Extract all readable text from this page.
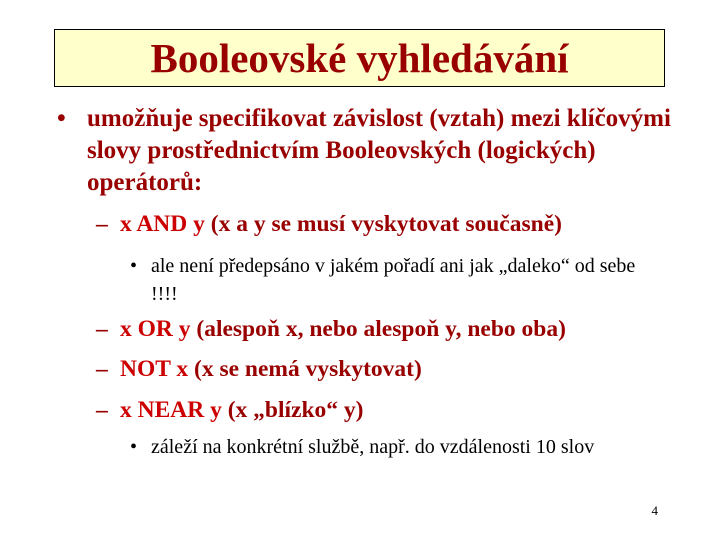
Booleovské vyhledávání
• umožňuje specifikovat závislost (vztah) mezi klíčovými slovy prostřednictvím Booleovských (logických) operátorů:
– x AND y (x a y se musí vyskytovat současně)
• ale není předepsáno v jakém pořadí ani jak „daleko“ od sebe !!!!
– x OR y (alespoň x, nebo alespoň y, nebo oba)
– NOT x (x se nemá vyskytovat)
– x NEAR y (x „blízko“ y)
• záleží na konkrétní službě, např. do vzdálenosti 10 slov
4
